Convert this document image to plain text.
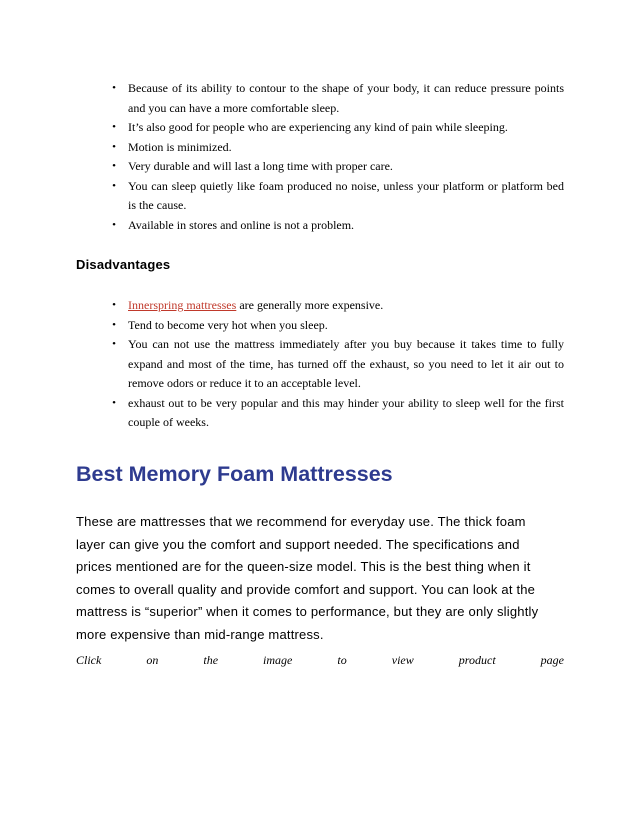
•	Because of its ability to contour to the shape of your body, it can reduce pressure points and you can have a more comfortable sleep.
•	It’s also good for people who are experiencing any kind of pain while sleeping.
•	Motion is minimized.
•	Very durable and will last a long time with proper care.
•	You can sleep quietly like foam produced no noise, unless your platform or platform bed is the cause.
•	Available in stores and online is not a problem.
Disadvantages
•	Innerspring mattresses are generally more expensive.
•	Tend to become very hot when you sleep.
•	You can not use the mattress immediately after you buy because it takes time to fully expand and most of the time, has turned off the exhaust, so you need to let it air out to remove odors or reduce it to an acceptable level.
•	exhaust out to be very popular and this may hinder your ability to sleep well for the first couple of weeks.
Best Memory Foam Mattresses

These are mattresses that we recommend for everyday use. The thick foam layer can give you the comfort and support needed. The specifications and prices mentioned are for the queen-size model. This is the best thing when it comes to overall quality and provide comfort and support. You can look at the mattress is “superior” when it comes to performance, but they are only slightly more expensive than mid-range mattress.

Click	on	the	image	to	view	product	page
